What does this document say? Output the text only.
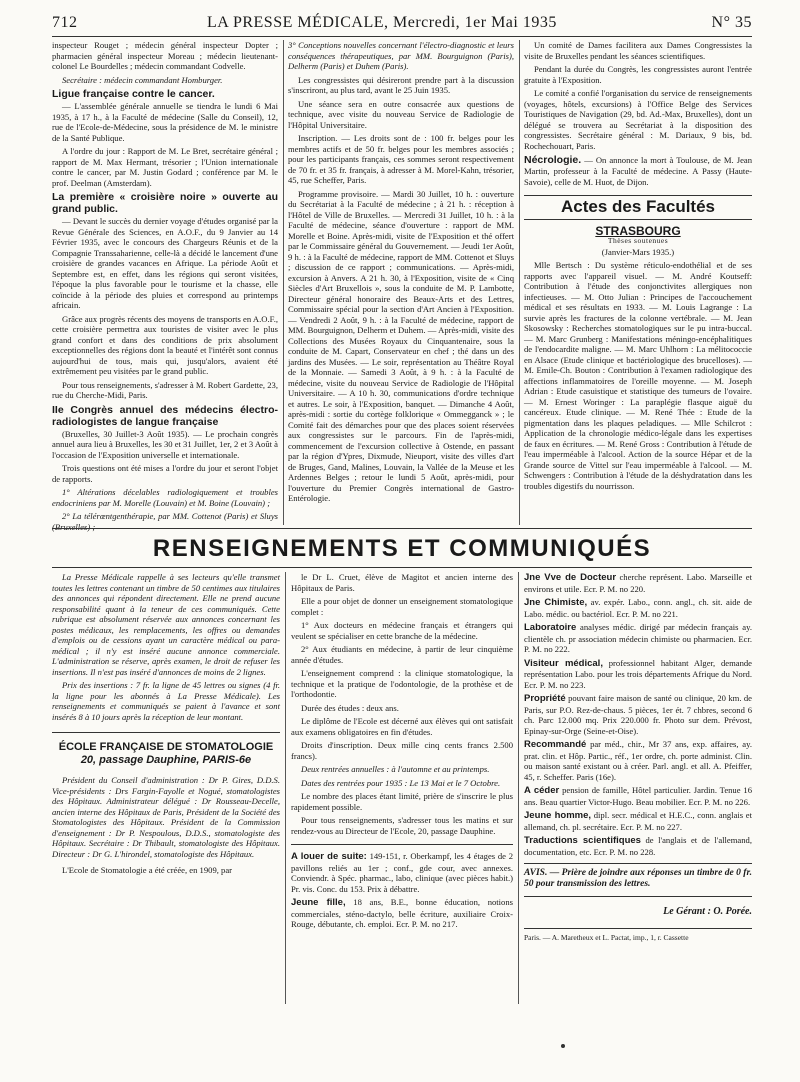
712	LA PRESSE MÉDICALE, Mercredi, 1er Mai 1935	N° 35

inspecteur Rouget ; médecin général inspecteur Dopter ; pharmacien général inspecteur Moreau ; médecin lieutenant-colonel Le Bourdelles ; médecin commandant Codvelle.

Secrétaire : médecin commandant Homburger.

Ligue française contre le cancer.

— L'assemblée générale annuelle se tiendra le lundi 6 Mai 1935, à 17 h., à la Faculté de médecine (Salle du Conseil), 12, rue de l'Ecole-de-Médecine, sous la présidence de M. le ministre de la Santé Publique.

A l'ordre du jour : Rapport de M. Le Bret, secrétaire général ; rapport de M. Max Hermant, trésorier ; l'Union internationale contre le cancer, par M. Justin Godard ; conférence par M. le prof. Deelman (Amsterdam).

La première « croisière noire » ouverte au grand public.

— Devant le succès du dernier voyage d'études organisé par la Revue Générale des Sciences, en A.O.F., du 9 Janvier au 14 Février 1935, avec le concours des Chargeurs Réunis et de la Compagnie Transsaharienne, celle-là a décidé le lancement d'une croisière de grandes vacances en Afrique. La période Août et Septembre est, en effet, dans les régions qui seront visitées, l'époque la plus favorable pour le tourisme et la chasse, elle coïncide à la période des pluies et correspond au printemps africain.

Grâce aux progrès récents des moyens de transports en A.O.F., cette croisière permettra aux touristes de visiter avec le plus grand confort et dans des conditions de prix absolument exceptionnelles des régions dont la beauté et l'intérêt sont connus aujourd'hui de tous, mais qui, jusqu'alors, avaient été extrêmement peu visitées par le grand public.

Pour tous renseignements, s'adresser à M. Robert Gardette, 23, rue du Cherche-Midi, Paris.

IIe Congrès annuel des médecins électro-radiologistes de langue française

(Bruxelles, 30 Juillet-3 Août 1935). — Le prochain congrès annuel aura lieu à Bruxelles, les 30 et 31 Juillet, 1er, 2 et 3 Août à l'occasion de l'Exposition universelle et internationale.

Trois questions ont été mises a l'ordre du jour et seront l'objet de rapports.

1° Altérations décelables radiologiquement et troubles endocriniens par M. Morelle (Louvain) et M. Boine (Louvain) ;

2° La télérœntgenthérapie, par MM. Cottenot (Paris) et Sluys (Bruxelles) ;

3° Conceptions nouvelles concernant l'électro-diagnostic et leurs conséquences thérapeutiques, par MM. Bourguignon (Paris), Delherm (Paris) et Duhem (Paris).

Les congressistes qui désireront prendre part à la discussion s'inscriront, au plus tard, avant le 25 Juin 1935.

Une séance sera en outre consacrée aux questions de technique, avec visite du nouveau Service de Radiologie de l'Hôpital Universitaire.

Inscription. — Les droits sont de : 100 fr. belges pour les membres actifs et de 50 fr. belges pour les membres associés ; pour les participants français, ces sommes seront respectivement de 70 fr. et 35 fr. français, à adresser à M. Morel-Kahn, trésorier, 45, rue Scheffer, Paris.

Programme provisoire. — Mardi 30 Juillet, 10 h. : ouverture du Secrétariat à la Faculté de médecine ; à 21 h. : réception à l'Hôtel de Ville de Bruxelles. — Mercredi 31 Juillet, 10 h. : à la Faculté de médecine, séance d'ouverture : rapport de MM. Morelle et Boine. Après-midi, visite de l'Exposition et thé offert par le Commissaire général du Gouvernement. — Jeudi 1er Août, 9 h. : à la Faculté de médecine, rapport de MM. Cottenot et Sluys ; discussion de ce rapport ; communications. — Après-midi, excursion à Anvers. A 21 h. 30, à l'Exposition, visite de « Cinq Siècles d'Art Bruxellois », sous la conduite de M. P. Lambotte, Directeur général honoraire des Beaux-Arts et des Lettres, Commissaire spécial pour la section d'Art Ancien à l'Exposition. — Vendredi 2 Août, 9 h. : à la Faculté de médecine, rapport de MM. Bourguignon, Delherm et Duhem. — Après-midi, visite des Collections des Musées Royaux du Cinquantenaire, sous la conduite de M. Capart, Conservateur en chef ; thé dans un des jardins des Musées. — Le soir, représentation au Théâtre Royal de la Monnaie. — Samedi 3 Août, à 9 h. : à la Faculté de médecine, visite du nouveau Service de Radiologie de l'Hôpital Universitaire. — A 10 h. 30, communications d'ordre technique et autres. Le soir, à l'Exposition, banquet. — Dimanche 4 Août, après-midi : sortie du cortège folklorique « Ommegganck » ; le Comité fait des démarches pour que des places soient réservées aux congressistes sur le parcours. Fin de l'après-midi, commencement de l'excursion collective à Ostende, en passant par la région d'Ypres, Dixmude, Nieuport, visite des villes d'art de Bruges, Gand, Malines, Louvain, la Vallée de la Meuse et les Ardennes Belges ; retour le lundi 5 Août, après-midi, pour l'ouverture du Premier Congrès international de Gastro-Entérologie.

Un comité de Dames facilitera aux Dames Congressistes la visite de Bruxelles pendant les séances scientifiques.

Pendant la durée du Congrès, les congressistes auront l'entrée gratuite à l'Exposition.

Le comité a confié l'organisation du service de renseignements (voyages, hôtels, excursions) à l'Office Belge des Services Touristiques de Navigation (29, bd. Ad.-Max, Bruxelles), dont un délégué se trouvera au Secrétariat à la disposition des congressistes. Secrétaire général : M. Dariaux, 9 bis, bd. Rochechouart, Paris.

Nécrologie. — On annonce la mort à Toulouse, de M. Jean Martin, professeur à la Faculté de médecine. A Passy (Haute-Savoie), celle de M. Huot, de Dijon.
Actes des Facultés
STRASBOURG
Thèses soutenues
(Janvier-Mars 1935.)

Mlle Bertsch : Du système réticulo-endothélial et de ses rapports avec l'appareil visuel. — M. André Koutseff: Contribution à l'étude des conjonctivites allergiques non infectieuses. — M. Otto Julian : Principes de l'accouchement médical et ses résultats en 1933. — M. Louis Lagrange : La survie après les fractures de la colonne vertébrale. — M. Jean Skosowsky : Recherches stomatologiques sur le pu intra-buccal. — M. Marc Grunberg : Manifestations méningo-encéphalitiques de l'endocardite maligne. — M. Marc Uhlhorn : La mélitococcie en Alsace (Etude clinique et bactériologique des brucelloses). — M. Emile-Ch. Bouton : Contribution à l'examen radiologique des affections inflammatoires de l'oreille moyenne. — M. Joseph Adrian : Etude casuistique et statistique des tumeurs de l'ovaire. — M. Ernest Woringer : La paraplégie flasque aiguë du cancéreux. Etude clinique. — M. René Thée : Etude de la pigmentation dans les plaques peladiques. — Mlle Schilcrot : Application de la chronologie médico-légale dans les expertises de faux en écritures. — M. René Gross : Contribution à l'étude de l'eau imperméable à l'alcool. Action de la source Hépar et de la Grande source de Vittel sur l'eau imperméable à l'alcool. — M. Schwengers : Contribution à l'étude de la déshydratation dans les troubles digestifs du nourrisson.

RENSEIGNEMENTS ET COMMUNIQUÉS

La Presse Médicale rappelle à ses lecteurs qu'elle transmet toutes les lettres contenant un timbre de 50 centimes aux titulaires des annonces qui répondent directement. Elle ne prend aucune responsabilité quant à la teneur de ces communiqués. Cette rubrique est absolument réservée aux annonces concernant les postes médicaux, les remplacements, les offres ou demandes d'emplois ou de cessions ayant un caractère médical ou para-médical ; il n'y est inséré aucune annonce commerciale. L'administration se réserve, après examen, le droit de refuser les insertions. Il n'est pas inséré d'annonces de moins de 2 lignes.

Prix des insertions : 7 fr. la ligne de 45 lettres ou signes (4 fr. la ligne pour les abonnés à La Presse Médicale). Les renseignements et communiqués se paient à l'avance et sont insérés 8 à 10 jours après la réception de leur montant.

ÉCOLE FRANÇAISE DE STOMATOLOGIE
20, passage Dauphine, PARIS-6e

Président du Conseil d'administration : Dr P. Gires, D.D.S. Vice-présidents : Drs Fargin-Fayolle et Nogué, stomatologistes des Hôpitaux. Administrateur délégué : Dr Rousseau-Decelle, ancien interne des Hôpitaux de Paris, Président de la Société des Stomatologistes des Hôpitaux. Président de la Commission d'enseignement : Dr P. Nespoulous, D.D.S., stomatologiste des Hôpitaux. Secrétaire : Dr Thibault, stomatologiste des Hôpitaux. Directeur : Dr G. L'hirondel, stomatologiste des Hôpitaux.

L'Ecole de Stomatologie a été créée, en 1909, par

le Dr L. Cruet, élève de Magitot et ancien interne des Hôpitaux de Paris.

Elle a pour objet de donner un enseignement stomatologique complet :

1° Aux docteurs en médecine français et étrangers qui veulent se spécialiser en cette branche de la médecine.

2° Aux étudiants en médecine, à partir de leur cinquième année d'études.

L'enseignement comprend : la clinique stomatologique, la technique et la pratique de l'odontologie, de la prothèse et de l'orthodontie.

Durée des études : deux ans.

Le diplôme de l'Ecole est décerné aux élèves qui ont satisfait aux examens obligatoires en fin d'études.

Droits d'inscription. Deux mille cinq cents francs 2.500 francs).

Deux rentrées annuelles : à l'automne et au printemps.

Dates des rentrées pour 1935 : Le 13 Mai et le 7 Octobre.

Le nombre des places étant limité, prière de s'inscrire le plus rapidement possible.

Pour tous renseignements, s'adresser tous les matins et sur rendez-vous au Directeur de l'Ecole, 20, passage Dauphine.

A louer de suite: 149-151, r. Oberkampf, les 4 étages de 2 pavillons reliés au 1er ; conf., gde cour, avec annexes. Conviendr. à Spéc. pharmac., labo, clinique (avec pièces habit.) Pr. vis. Conc. du 153. Prix à débattre.

Jeune fille, 18 ans, B.E., bonne éducation, notions commerciales, sténo-dactylo, belle écriture, auxiliaire Croix-Rouge, débutante, ch. emploi. Ecr. P. M. no 217.

Jne Vve de Docteur cherche représent. Labo. Marseille et environs et utile. Ecr. P. M. no 220.

Jne Chimiste, av. expér. Labo., conn. angl., ch. sit. aide de Labo. médic. ou bactériol. Ecr. P. M. no 221.

Laboratoire analyses médic. dirigé par médecin français ay. clientèle ch. pr association médecin chimiste ou pharmacien. Ecr. P. M. no 222.

Visiteur médical, professionnel habitant Alger, demande représentation Labo. pour les trois départements Afrique du Nord. Ecr. P. M. no 223.

Propriété pouvant faire maison de santé ou clinique, 20 km. de Paris, sur P.O. Rez-de-chaus. 5 pièces, 1er ét. 7 chbres, second 6 ch. Parc 12.000 mq. Prix 220.000 fr. Photo sur dem. Prévost, Epinay-sur-Orge (Seine-et-Oise).

Recommandé par méd., chir., Mr 37 ans, exp. affaires, ay. prat. clin. et Hôp. Partic., réf., 1er ordre, ch. porte administ. Clin. ou maison santé existant ou à créer. Parl. angl. et all. A. Pfeiffer, 45, r. Scheffer. Paris (16e).

A céder pension de famille, Hôtel particulier. Jardin. Tenue 16 ans. Beau quartier Victor-Hugo. Beau mobilier. Ecr. P. M. no 226.

Jeune homme, dipl. secr. médical et H.E.C., conn. anglais et allemand, ch. pl. secrétaire. Ecr. P. M. no 227.

Traductions scientifiques de l'anglais et de l'allemand, documentation, etc. Ecr. P. M. no 228.

AVIS. — Prière de joindre aux réponses un timbre de 0 fr. 50 pour transmission des lettres.
Le Gérant : O. Porée.
Paris. — A. Maretheux et L. Pactat, imp., 1, r. Cassette
